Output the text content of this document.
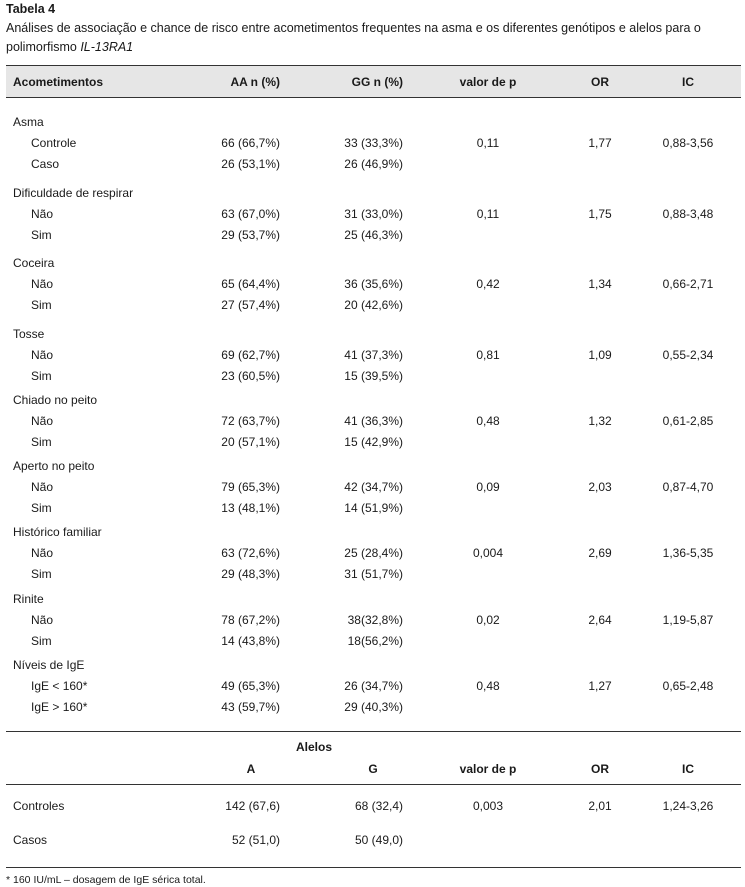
Tabela 4
Análises de associação e chance de risco entre acometimentos frequentes na asma e os diferentes genótipos e alelos para o polimorfismo IL-13RA1
Acometimentos	AA n (%)	GG n (%)	valor de p	OR	IC
Asma
Controle	66 (66,7%)	33 (33,3%)	0,11	1,77	0,88-3,56
Caso	26 (53,1%)	26 (46,9%)
Dificuldade de respirar
Não	63 (67,0%)	31 (33,0%)	0,11	1,75	0,88-3,48
Sim	29 (53,7%)	25 (46,3%)
Coceira
Não	65 (64,4%)	36 (35,6%)	0,42	1,34	0,66-2,71
Sim	27 (57,4%)	20 (42,6%)
Tosse
Não	69 (62,7%)	41 (37,3%)	0,81	1,09	0,55-2,34
Sim	23 (60,5%)	15 (39,5%)
Chiado no peito
Não	72 (63,7%)	41 (36,3%)	0,48	1,32	0,61-2,85
Sim	20 (57,1%)	15 (42,9%)
Aperto no peito
Não	79 (65,3%)	42 (34,7%)	0,09	2,03	0,87-4,70
Sim	13 (48,1%)	14 (51,9%)
Histórico familiar
Não	63 (72,6%)	25 (28,4%)	0,004	2,69	1,36-5,35
Sim	29 (48,3%)	31 (51,7%)
Rinite
Não	78 (67,2%)	38(32,8%)	0,02	2,64	1,19-5,87
Sim	14 (43,8%)	18(56,2%)
Níveis de IgE
IgE < 160*	49 (65,3%)	26 (34,7%)	0,48	1,27	0,65-2,48
IgE > 160*	43 (59,7%)	29 (40,3%)
Alelos
A	G	valor de p	OR	IC
Controles	142 (67,6)	68 (32,4)	0,003	2,01	1,24-3,26
Casos	52 (51,0)	50 (49,0)
* 160 IU/mL – dosagem de IgE sérica total.
